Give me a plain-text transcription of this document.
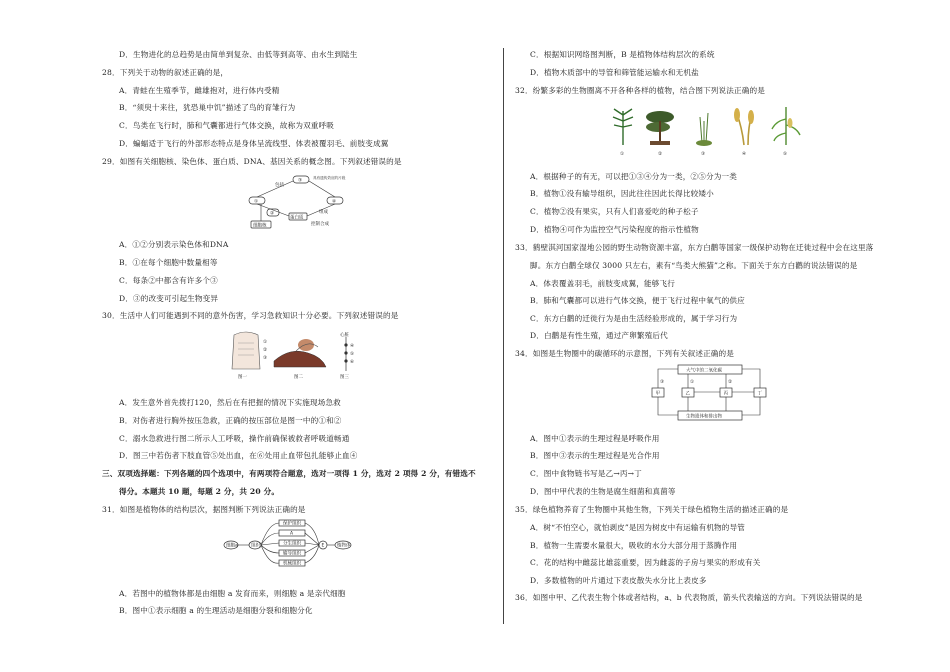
D．生物进化的总趋势是由简单到复杂、由低等到高等、由水生到陆生
28．下列关于动物的叙述正确的是，
A．青蛙在生殖季节，雌雄抱对，进行体内受精
B．“须臾十来往，犹恐巢中饥”描述了鸟的育雏行为
C．鸟类在飞行时，肺和气囊都进行气体交换，故称为双重呼吸
D．蝙蝠适于飞行的外部形态特点是身体呈流线型、体表被覆羽毛、前肢变成翼
29．如图有关细胞核、染色体、蛋白质、DNA、基因关系的概念图。下列叙述错误的是
③
①	④
蛋白质
细胞核
②
包括
具有遗传效应的片段
组成
控制合成
A．①②分别表示染色体和DNA
B．①在每个细胞中数量相等
C．每条②中都含有许多个③
D．③的改变可引起生物变异
30．生活中人们可能遇到不同的意外伤害，学习急救知识十分必要。下列叙述错误的是
①
②
③
图一	图二
心脏
④
⑤
⑥
图三
A．发生意外首先拨打120，然后在有把握的情况下实施现场急救
B．对伤者进行胸外按压急救，正确的按压部位是图一中的①和②
C．溺水急救进行图二所示人工呼吸，操作前确保被救者呼吸道畅通
D．图三中若伤者下肢血管⑤处出血，在⑥处用止血带包扎能够止血④
三、双项选择题：下列各题的四个选项中，有两项符合题意，选对一项得 1 分，选对 2 项得 2 分，有错选不
得分。本题共 10 题，每题 2 分，共 20 分。
31．如图是植物体的结构层次，据图判断下列说法正确的是
细胞a	组织
保护组织
A
分生组织
输导组织
机械组织
E	植物体
A．若图中的植物体都是由细胞 a 发育而来，则细胞 a 是亲代细胞
B．图中①表示细胞 a 的生理活动是细胞分裂和细胞分化
C．根据知识网络图判断，B 是植物体结构层次的系统
D．植物木质部中的导管和筛管能运输水和无机盐
32．纷繁多彩的生物圈离不开各种各样的植物，结合图下列说法正确的是
①	②	③	④	⑤
A．根据种子的有无，可以把①③④分为一类，②⑤分为一类
B．植物①没有输导组织，因此往往因此长得比较矮小
C．植物②没有果实，只有人们喜爱吃的种子松子
D．植物④可作为监控空气污染程度的指示性植物
33．鹤壁淇河国家湿地公园的野生动物资源丰富，东方白鹳等国家一级保护动物在迁徙过程中会在这里落
脚。东方白鹳全球仅 3000 只左右，素有“鸟类大熊猫”之称。下面关于东方白鹳的说法错误的是
A．体表覆盖羽毛，前肢变成翼，能够飞行
B．肺和气囊都可以进行气体交换，便于飞行过程中氧气的供应
C．东方白鹳的迁徙行为是由生活经验形成的，属于学习行为
D．白鹳是有性生殖，通过产卵繁殖后代
34．如图是生物圈中的碳循环的示意图，下列有关叙述正确的是
大气中的二氧化碳
甲	乙	丙	丁
生物遗体和排出物
①	②
③
A．图中①表示的生理过程是呼吸作用
B．图中③表示的生理过程是光合作用
C．图中食物链书写是乙→丙→丁
D．图中甲代表的生物是腐生细菌和真菌等
35．绿色植物养育了生物圈中其他生物，下列关于绿色植物生活的描述正确的是
A．树“不怕空心，就怕剥皮”是因为树皮中有运输有机物的导管
B．植物一生需要水量很大，吸收的水分大部分用于蒸腾作用
C．花的结构中雌蕊比雄蕊重要，因为雌蕊的子房与果实的形成有关
D．多数植物的叶片通过下表皮散失水分比上表皮多
36．如图中甲、乙代表生物个体或者结构，a、b 代表物质，箭头代表输送的方向。下列说法错误的是
